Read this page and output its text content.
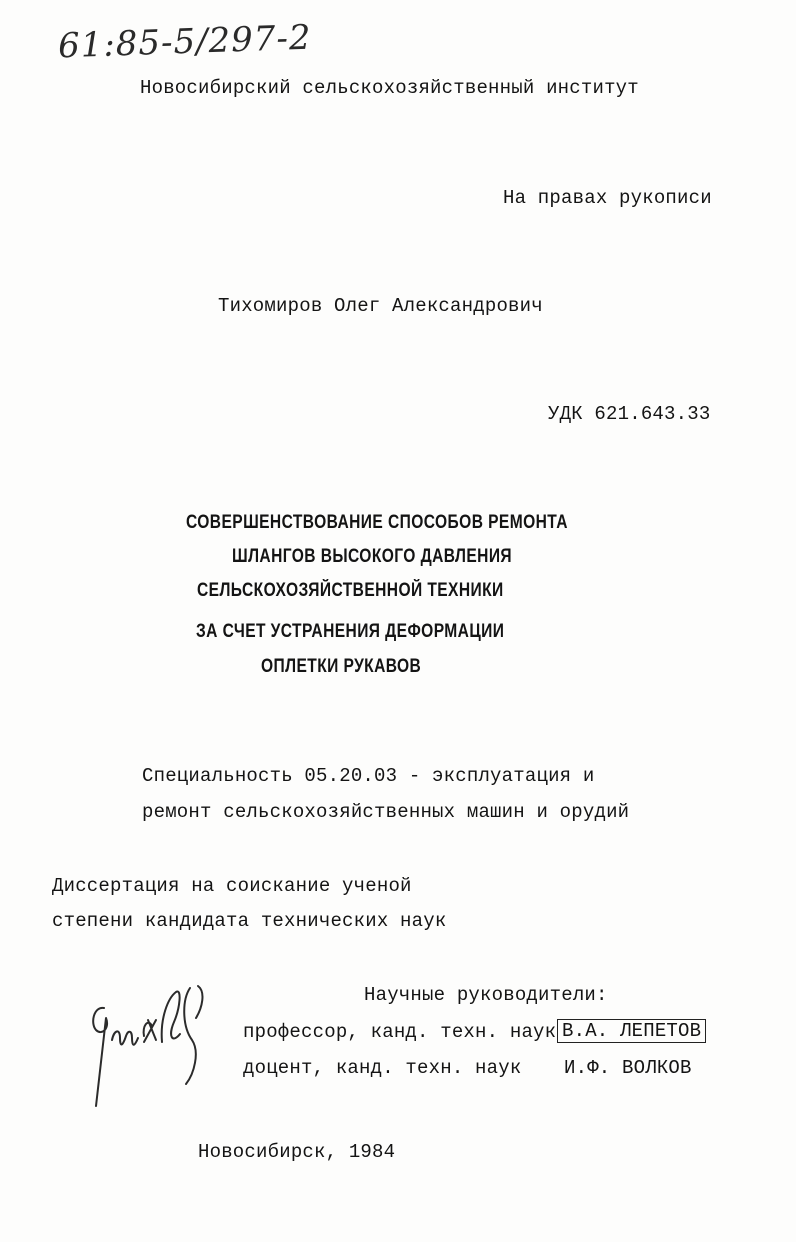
61:85-5/297-2
Новосибирский сельскохозяйственный институт
На правах рукописи
Тихомиров Олег Александрович
УДК 621.643.33
СОВЕРШЕНСТВОВАНИЕ СПОСОБОВ РЕМОНТА
ШЛАНГОВ ВЫСОКОГО ДАВЛЕНИЯ
СЕЛЬСКОХОЗЯЙСТВЕННОЙ ТЕХНИКИ
ЗА СЧЕТ УСТРАНЕНИЯ ДЕФОРМАЦИИ
ОПЛЕТКИ РУКАВОВ
Специальность 05.20.03 - эксплуатация и
ремонт сельскохозяйственных машин и орудий
Диссертация на соискание ученой
степени кандидата технических наук
Научные руководители:
профессор, канд. техн. наук В.А. ЛЕПЕТОВ
доцент, канд. техн. наук И.Ф. ВОЛКОВ
Новосибирск, 1984
